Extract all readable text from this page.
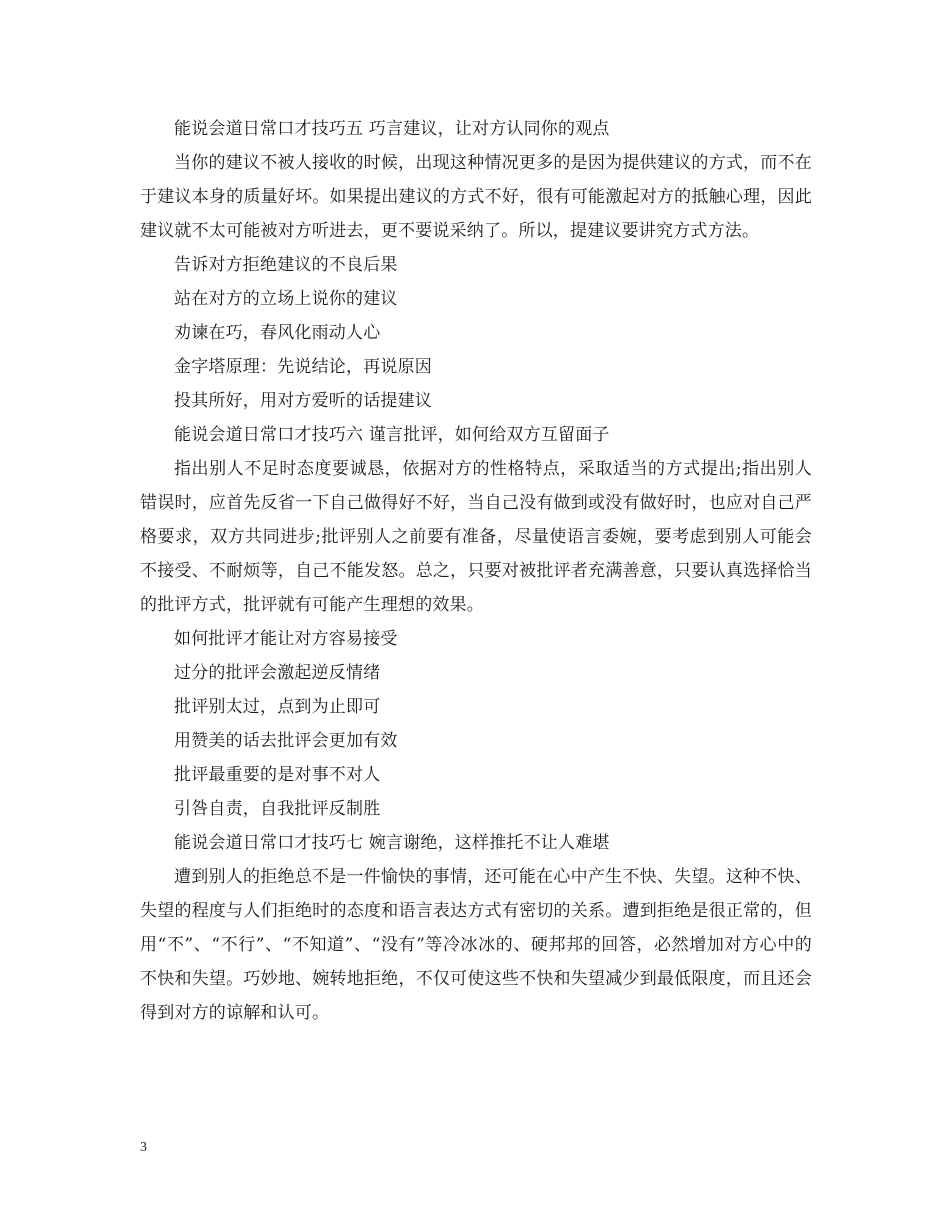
能说会道日常口才技巧五 巧言建议，让对方认同你的观点

当你的建议不被人接收的时候，出现这种情况更多的是因为提供建议的方式，而不在于建议本身的质量好坏。如果提出建议的方式不好，很有可能激起对方的抵触心理，因此建议就不太可能被对方听进去，更不要说采纳了。所以，提建议要讲究方式方法。

告诉对方拒绝建议的不良后果

站在对方的立场上说你的建议

劝谏在巧，春风化雨动人心

金字塔原理：先说结论，再说原因

投其所好，用对方爱听的话提建议

能说会道日常口才技巧六 谨言批评，如何给双方互留面子

指出别人不足时态度要诚恳，依据对方的性格特点，采取适当的方式提出;指出别人错误时，应首先反省一下自己做得好不好，当自己没有做到或没有做好时，也应对自己严格要求，双方共同进步;批评别人之前要有准备，尽量使语言委婉，要考虑到别人可能会不接受、不耐烦等，自己不能发怒。总之，只要对被批评者充满善意，只要认真选择恰当的批评方式，批评就有可能产生理想的效果。

如何批评才能让对方容易接受

过分的批评会激起逆反情绪

批评别太过，点到为止即可

用赞美的话去批评会更加有效

批评最重要的是对事不对人

引咎自责，自我批评反制胜

能说会道日常口才技巧七 婉言谢绝，这样推托不让人难堪

遭到别人的拒绝总不是一件愉快的事情，还可能在心中产生不快、失望。这种不快、失望的程度与人们拒绝时的态度和语言表达方式有密切的关系。遭到拒绝是很正常的，但用“不”、“不行”、“不知道”、“没有”等冷冰冰的、硬邦邦的回答，必然增加对方心中的不快和失望。巧妙地、婉转地拒绝，不仅可使这些不快和失望减少到最低限度，而且还会得到对方的谅解和认可。

3
